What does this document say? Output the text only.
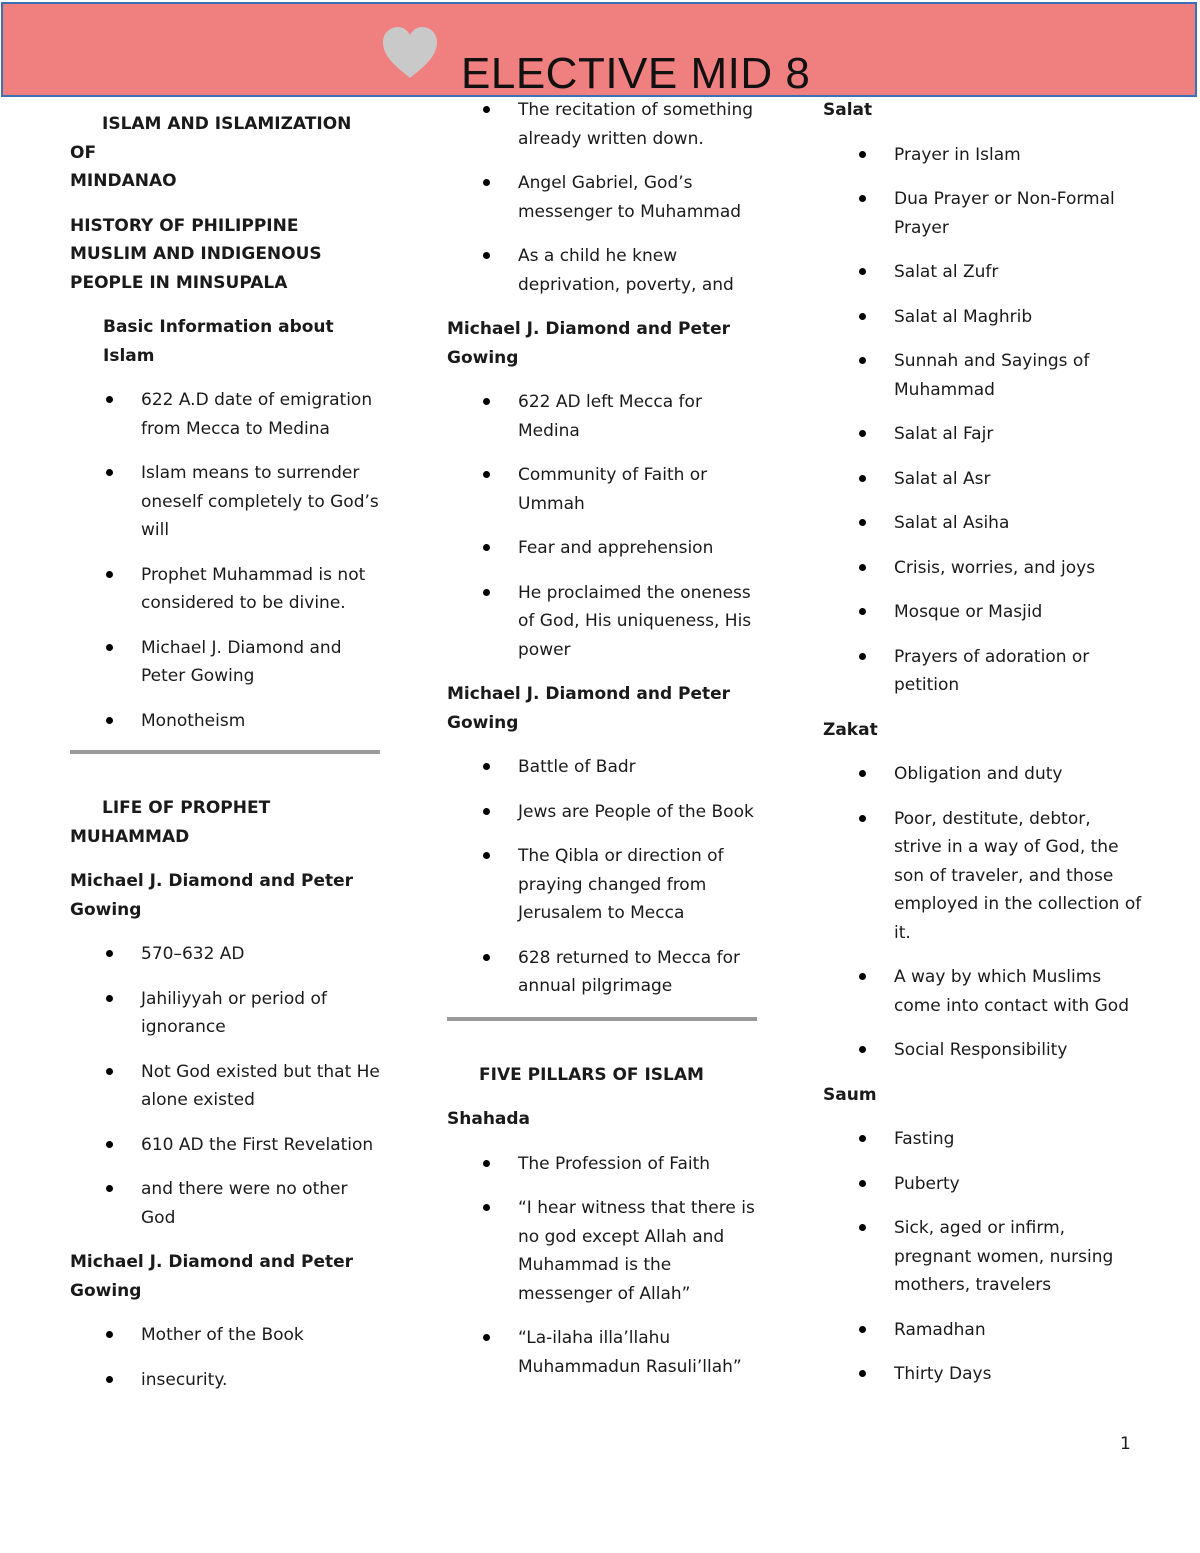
ELECTIVE MID 8
ISLAM AND ISLAMIZATION OF
MINDANAO
HISTORY OF PHILIPPINE MUSLIM AND INDIGENOUS PEOPLE IN MINSUPALA
Basic Information about Islam
622 A.D date of emigration from Mecca to Medina
Islam means to surrender oneself completely to God’s will
Prophet Muhammad is not considered to be divine.
Michael J. Diamond and Peter Gowing
Monotheism
LIFE OF PROPHET
MUHAMMAD
Michael J. Diamond and Peter Gowing
570–632 AD
Jahiliyyah or period of ignorance
Not God existed but that He alone existed
610 AD the First Revelation
and there were no other God
Michael J. Diamond and Peter Gowing
Mother of the Book
insecurity.
The recitation of something already written down.
Angel Gabriel, God’s messenger to Muhammad
As a child he knew deprivation, poverty, and
Michael J. Diamond and Peter Gowing
622 AD left Mecca for Medina
Community of Faith or Ummah
Fear and apprehension
He proclaimed the oneness of God, His uniqueness, His power
Michael J. Diamond and Peter Gowing
Battle of Badr
Jews are People of the Book
The Qibla or direction of praying changed from Jerusalem to Mecca
628 returned to Mecca for annual pilgrimage
FIVE PILLARS OF ISLAM
Shahada
The Profession of Faith
“I hear witness that there is no god except Allah and Muhammad is the messenger of Allah”
“La-ilaha illa’llahu Muhammadun Rasuli’llah”
Salat
Prayer in Islam
Dua Prayer or Non-Formal Prayer
Salat al Zufr
Salat al Maghrib
Sunnah and Sayings of Muhammad
Salat al Fajr
Salat al Asr
Salat al Asiha
Crisis, worries, and joys
Mosque or Masjid
Prayers of adoration or petition
Zakat
Obligation and duty
Poor, destitute, debtor, strive in a way of God, the son of traveler, and those employed in the collection of it.
A way by which Muslims come into contact with God
Social Responsibility
Saum
Fasting
Puberty
Sick, aged or infirm, pregnant women, nursing mothers, travelers
Ramadhan
Thirty Days
1
